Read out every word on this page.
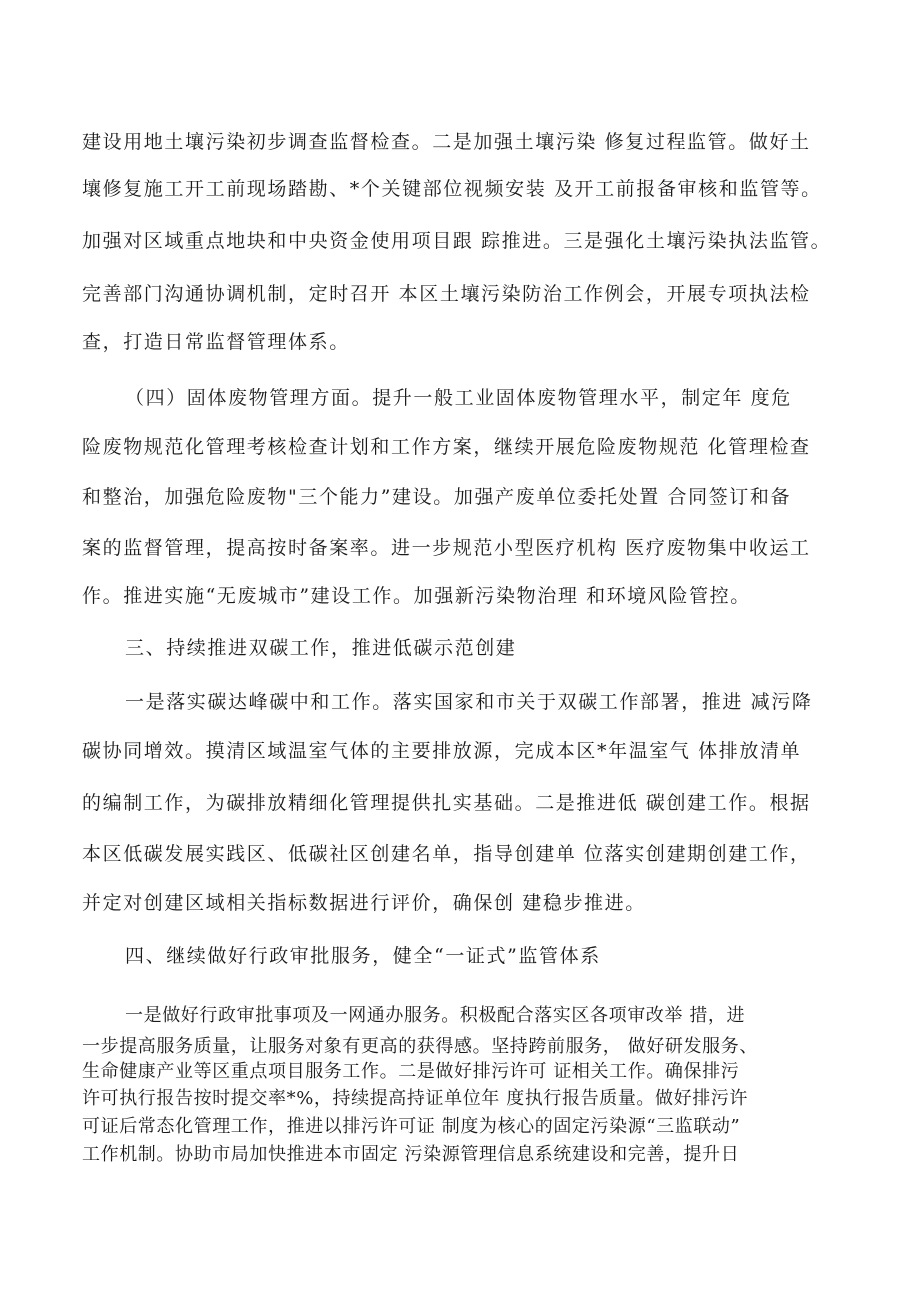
建设用地土壤污染初步调查监督检查。二是加强土壤污染 修复过程监管。做好土
壤修复施工开工前现场踏勘、*个关键部位视频安装 及开工前报备审核和监管等。
加强对区域重点地块和中央资金使用项目跟 踪推进。三是强化土壤污染执法监管。
完善部门沟通协调机制，定时召开 本区土壤污染防治工作例会，开展专项执法检
查，打造日常监督管理体系。
（四）固体废物管理方面。提升一般工业固体废物管理水平，制定年 度危
险废物规范化管理考核检查计划和工作方案，继续开展危险废物规范 化管理检查
和整治，加强危险废物"三个能力”建设。加强产废单位委托处置 合同签订和备
案的监督管理，提高按时备案率。进一步规范小型医疗机构 医疗废物集中收运工
作。推进实施“无废城市”建设工作。加强新污染物治理 和环境风险管控。
三、持续推进双碳工作，推进低碳示范创建
一是落实碳达峰碳中和工作。落实国家和市关于双碳工作部署，推进 减污降
碳协同增效。摸清区域温室气体的主要排放源，完成本区*年温室气 体排放清单
的编制工作，为碳排放精细化管理提供扎实基础。二是推进低 碳创建工作。根据
本区低碳发展实践区、低碳社区创建名单，指导创建单 位落实创建期创建工作，
并定对创建区域相关指标数据进行评价，确保创 建稳步推进。
四、继续做好行政审批服务，健全“一证式”监管体系
一是做好行政审批事项及一网通办服务。积极配合落实区各项审改举 措，进
一步提高服务质量，让服务对象有更高的获得感。坚持跨前服务， 做好研发服务、
生命健康产业等区重点项目服务工作。二是做好排污许可 证相关工作。确保排污
许可执行报告按时提交率*%，持续提高持证单位年 度执行报告质量。做好排污许
可证后常态化管理工作，推进以排污许可证 制度为核心的固定污染源“三监联动”
工作机制。协助市局加快推进本市固定 污染源管理信息系统建设和完善，提升日
